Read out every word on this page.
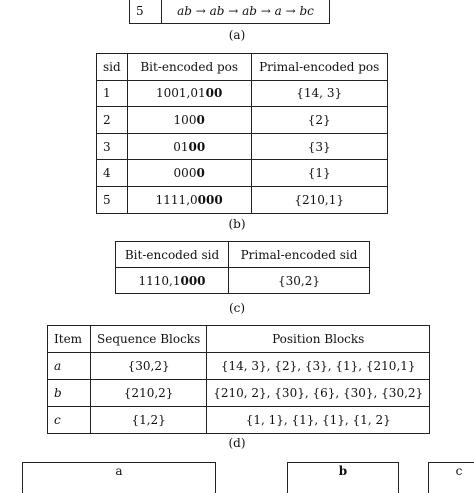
5	ab → ab → ab → a → bc
(a)
sid	Bit-encoded pos	Primal-encoded pos
1	1001,0100	{14, 3}
2	1000	{2}
3	0100	{3}
4	0000	{1}
5	1111,0000	{210,1}
(b)
Bit-encoded sid	Primal-encoded sid
1110,1000	{30,2}
(c)
Item	Sequence Blocks	Position Blocks
a	{30,2}	{14, 3}, {2}, {3}, {1}, {210,1}
b	{210,2}	{210, 2}, {30}, {6}, {30}, {30,2}
c	{1,2}	{1, 1}, {1}, {1}, {1, 2}
(d)
a	b	c
